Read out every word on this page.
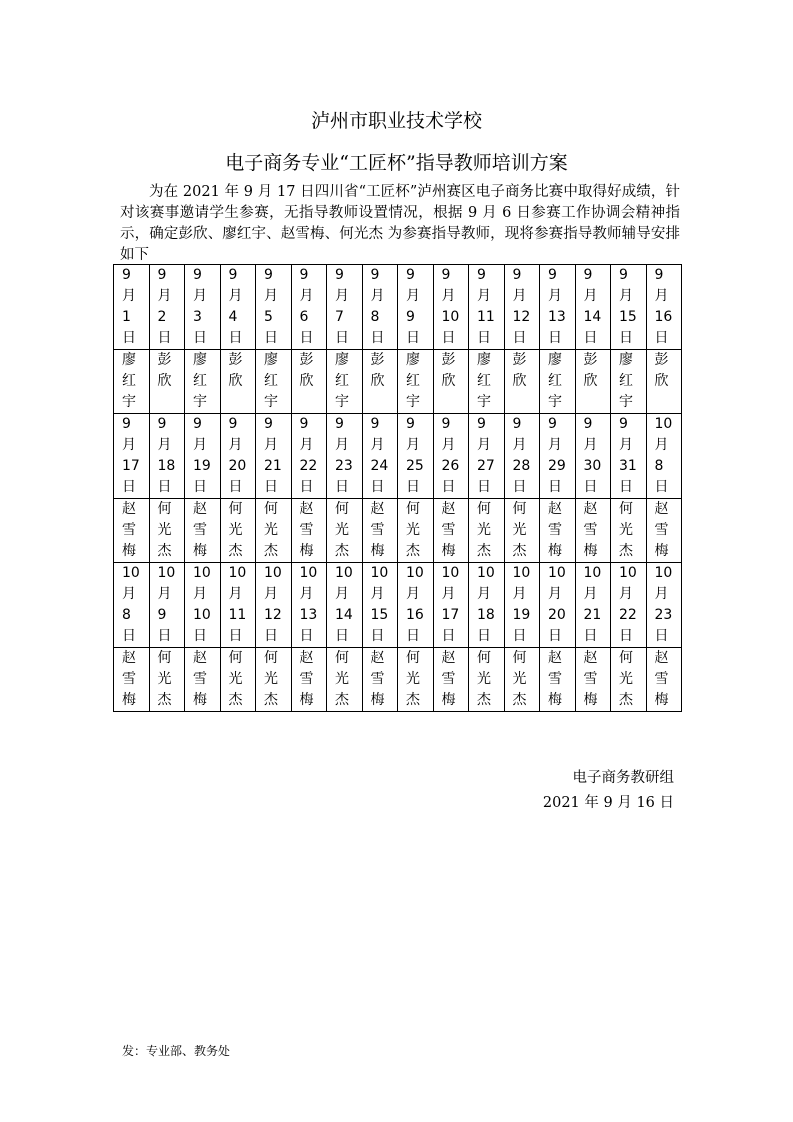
泸州市职业技术学校
电子商务专业“工匠杯”指导教师培训方案
为在 2021 年 9 月 17 日四川省“工匠杯”泸州赛区电子商务比赛中取得好成绩，针对该赛事邀请学生参赛，无指导教师设置情况，根据 9 月 6 日参赛工作协调会精神指示，确定彭欣、廖红宇、赵雪梅、何光杰 为参赛指导教师，现将参赛指导教师辅导安排如下
9月1日	9月2日	9月3日	9月4日	9月5日	9月6日	9月7日	9月8日	9月9日	9月10日	9月11日	9月12日	9月13日	9月14日	9月15日	9月16日

廖红宇	彭欣	廖红宇	彭欣	廖红宇	彭欣	廖红宇	彭欣	廖红宇	彭欣	廖红宇	彭欣	廖红宇	彭欣	廖红宇	彭欣

9月17日	9月18日	9月19日	9月20日	9月21日	9月22日	9月23日	9月24日	9月25日	9月26日	9月27日	9月28日	9月29日	9月30日	9月31日	10月8日

赵雪梅	何光杰	赵雪梅	何光杰	何光杰	赵雪梅	何光杰	赵雪梅	何光杰	赵雪梅	何光杰	何光杰	赵雪梅	赵雪梅	何光杰	赵雪梅

10月8日	10月9日	10月10日	10月11日	10月12日	10月13日	10月14日	10月15日	10月16日	10月17日	10月18日	10月19日	10月20日	10月21日	10月22日	10月23日

赵雪梅	何光杰	赵雪梅	何光杰	何光杰	赵雪梅	何光杰	赵雪梅	何光杰	赵雪梅	何光杰	何光杰	赵雪梅	赵雪梅	何光杰	赵雪梅
电子商务教研组
2021 年 9 月 16 日
发：专业部、教务处
